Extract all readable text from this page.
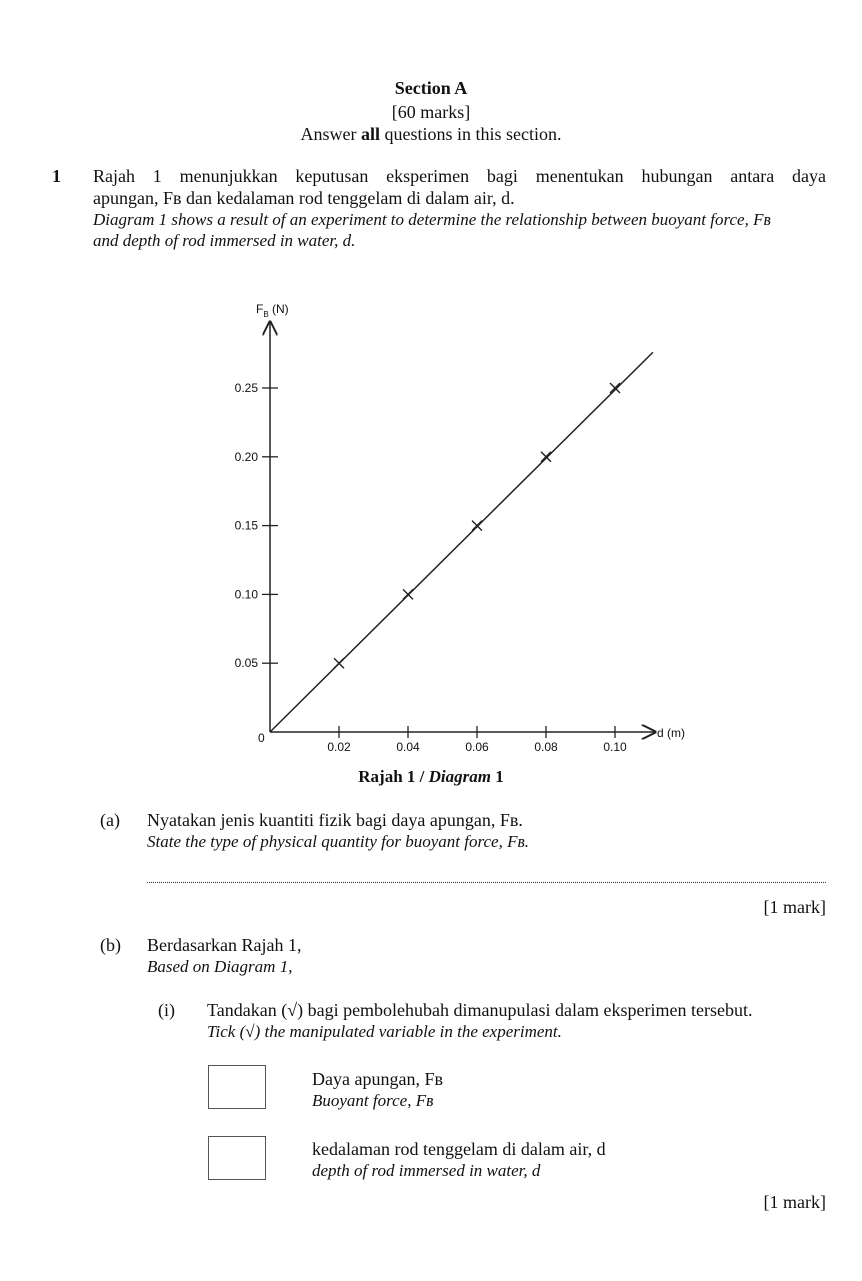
Section A
[60 marks]
Answer all questions in this section.
1 Rajah 1 menunjukkan keputusan eksperimen bagi menentukan hubungan antara daya
apungan, Fʙ dan kedalaman rod tenggelam di dalam air, d.
Diagram 1 shows a result of an experiment to determine the relationship between buoyant force, Fʙ
and depth of rod immersed in water, d.
0.02	0.04	0.06	0.08	0.10
0.05
0.10
0.15
0.20
0.25
$F_B$ (N)
d (m)
0
Rajah 1 / Diagram 1
(a) Nyatakan jenis kuantiti fizik bagi daya apungan, Fʙ.
State the type of physical quantity for buoyant force, Fʙ.
[1 mark]
(b) Berdasarkan Rajah 1,
Based on Diagram 1,
(i) Tandakan (√) bagi pembolehubah dimanupulasi dalam eksperimen tersebut.
Tick (√) the manipulated variable in the experiment.
Daya apungan, Fʙ
Buoyant force, Fʙ
kedalaman rod tenggelam di dalam air, d
depth of rod immersed in water, d
[1 mark]
